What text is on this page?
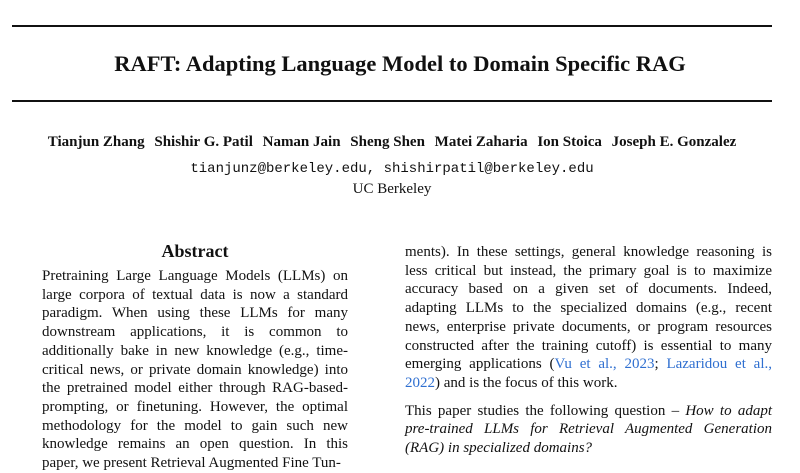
RAFT: Adapting Language Model to Domain Specific RAG
Tianjun Zhang Shishir G. Patil Naman Jain Sheng Shen Matei Zaharia Ion Stoica Joseph E. Gonzalez
tianjunz@berkeley.edu, shishirpatil@berkeley.edu
UC Berkeley
Abstract

Pretraining Large Language Models (LLMs) on large corpora of textual data is now a standard paradigm. When using these LLMs for many downstream applications, it is common to additionally bake in new knowledge (e.g., time-critical news, or private domain knowledge) into the pretrained model either through RAG-based-prompting, or finetuning. However, the optimal methodology for the model to gain such new knowledge remains an open question. In this paper, we present Retrieval Augmented Fine Tun-

ments). In these settings, general knowledge reasoning is less critical but instead, the primary goal is to maximize accuracy based on a given set of documents. Indeed, adapting LLMs to the specialized domains (e.g., recent news, enterprise private documents, or program resources constructed after the training cutoff) is essential to many emerging applications (Vu et al., 2023; Lazaridou et al., 2022) and is the focus of this work.

This paper studies the following question – How to adapt pre-trained LLMs for Retrieval Augmented Generation (RAG) in specialized domains?
